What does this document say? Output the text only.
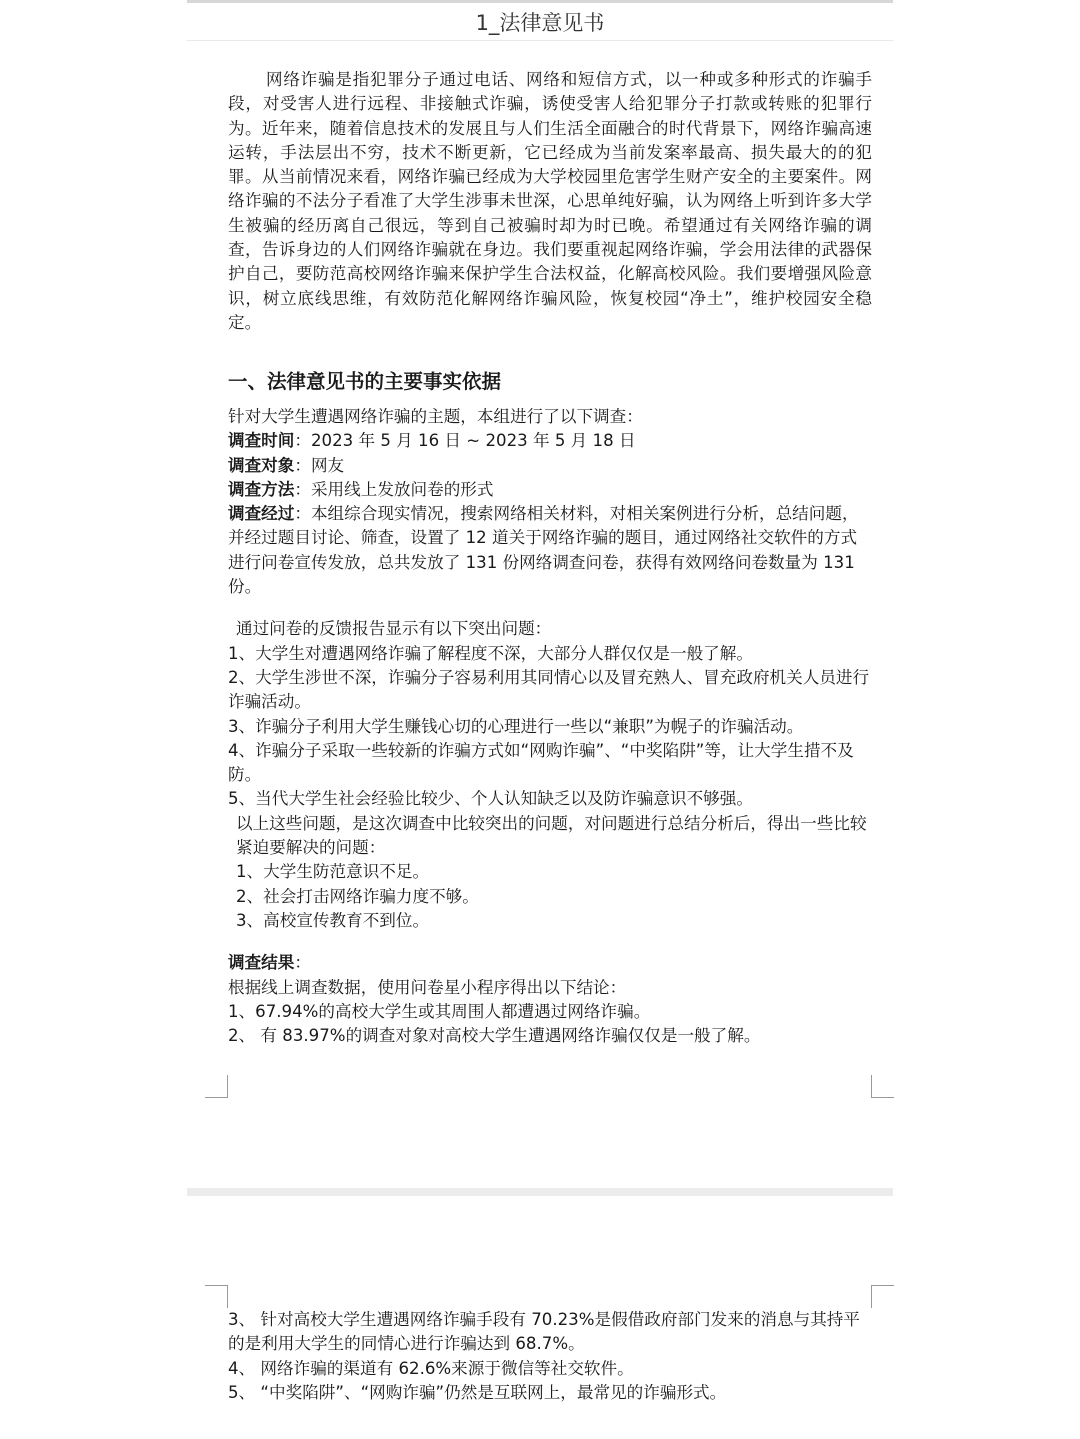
1_法律意见书
网络诈骗是指犯罪分子通过电话、网络和短信方式，以一种或多种形式的诈骗手段，对受害人进行远程、非接触式诈骗，诱使受害人给犯罪分子打款或转账的犯罪行为。近年来，随着信息技术的发展且与人们生活全面融合的时代背景下，网络诈骗高速运转，手法层出不穷，技术不断更新，它已经成为当前发案率最高、损失最大的的犯罪。从当前情况来看，网络诈骗已经成为大学校园里危害学生财产安全的主要案件。网络诈骗的不法分子看准了大学生涉事未世深，心思单纯好骗，认为网络上听到许多大学生被骗的经历离自己很远，等到自己被骗时却为时已晚。希望通过有关网络诈骗的调查，告诉身边的人们网络诈骗就在身边。我们要重视起网络诈骗，学会用法律的武器保护自己，要防范高校网络诈骗来保护学生合法权益，化解高校风险。我们要增强风险意识，树立底线思维，有效防范化解网络诈骗风险，恢复校园“净土”，维护校园安全稳定。
一、法律意见书的主要事实依据

针对大学生遭遇网络诈骗的主题，本组进行了以下调查：

调查时间：2023 年 5 月 16 日 ~ 2023 年 5 月 18 日

调查对象：网友

调查方法：采用线上发放问卷的形式

调查经过：本组综合现实情况，搜索网络相关材料，对相关案例进行分析，总结问题，并经过题目讨论、筛查，设置了 12 道关于网络诈骗的题目，通过网络社交软件的方式进行问卷宣传发放，总共发放了 131 份网络调查问卷，获得有效网络问卷数量为 131 份。

通过问卷的反馈报告显示有以下突出问题：

1、大学生对遭遇网络诈骗了解程度不深，大部分人群仅仅是一般了解。

2、大学生涉世不深，诈骗分子容易利用其同情心以及冒充熟人、冒充政府机关人员进行诈骗活动。

3、诈骗分子利用大学生赚钱心切的心理进行一些以“兼职”为幌子的诈骗活动。

4、诈骗分子采取一些较新的诈骗方式如“网购诈骗”、“中奖陷阱”等，让大学生措不及防。

5、当代大学生社会经验比较少、个人认知缺乏以及防诈骗意识不够强。

以上这些问题，是这次调查中比较突出的问题，对问题进行总结分析后，得出一些比较紧迫要解决的问题：

1、大学生防范意识不足。

2、社会打击网络诈骗力度不够。

3、高校宣传教育不到位。

调查结果：

根据线上调查数据，使用问卷星小程序得出以下结论：

1、67.94%的高校大学生或其周围人都遭遇过网络诈骗。

2、 有 83.97%的调查对象对高校大学生遭遇网络诈骗仅仅是一般了解。

3、 针对高校大学生遭遇网络诈骗手段有 70.23%是假借政府部门发来的消息与其持平的是利用大学生的同情心进行诈骗达到 68.7%。

4、 网络诈骗的渠道有 62.6%来源于微信等社交软件。

5、 “中奖陷阱”、“网购诈骗”仍然是互联网上，最常见的诈骗形式。
